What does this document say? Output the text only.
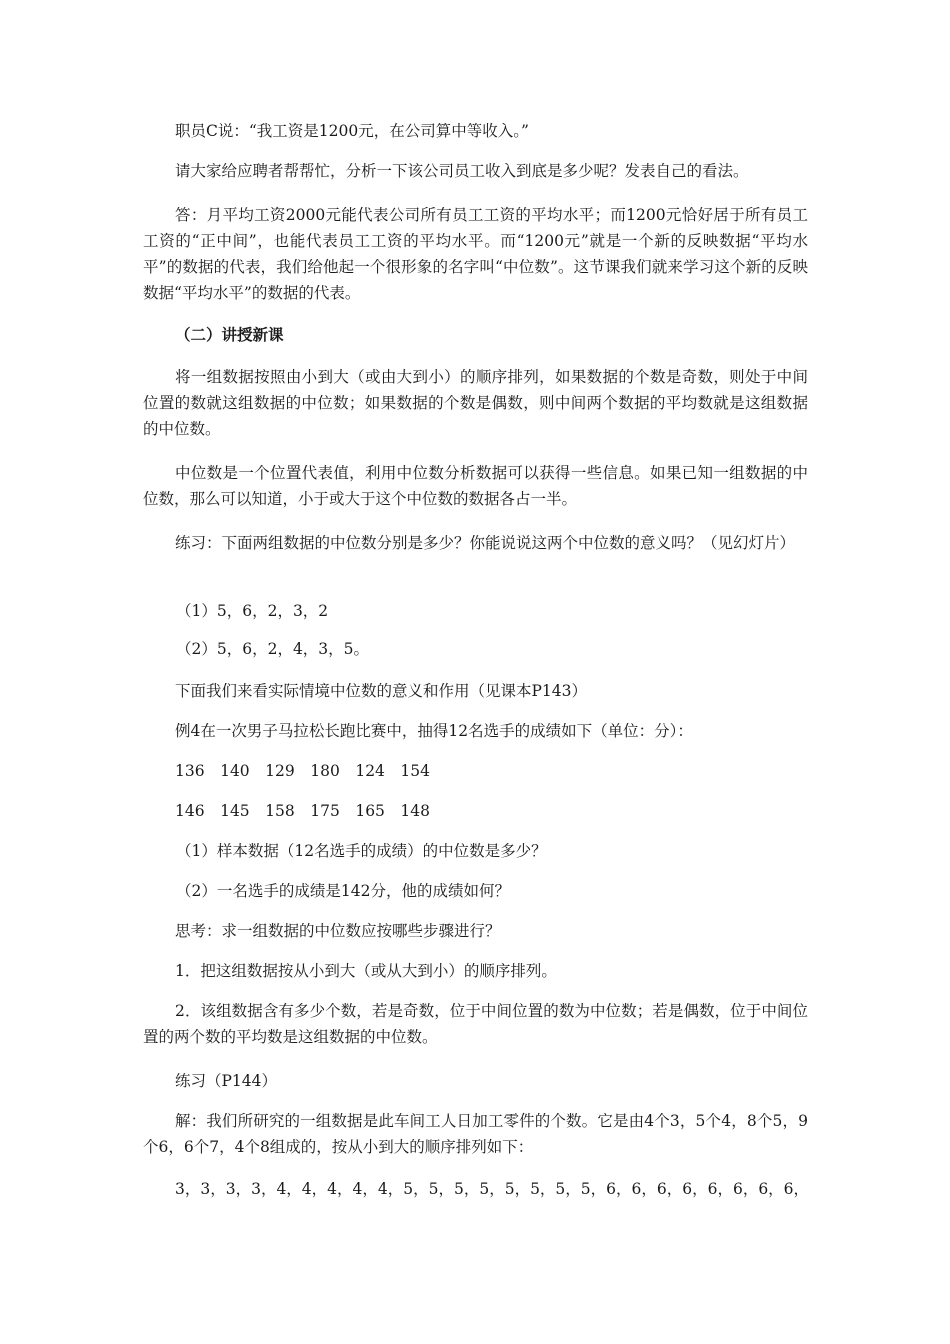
职员C说：“我工资是1200元，在公司算中等收入。”

请大家给应聘者帮帮忙，分析一下该公司员工收入到底是多少呢？发表自己的看法。

答：月平均工资2000元能代表公司所有员工工资的平均水平；而1200元恰好居于所有员工工资的“正中间”，也能代表员工工资的平均水平。而“1200元”就是一个新的反映数据“平均水平”的数据的代表，我们给他起一个很形象的名字叫“中位数”。这节课我们就来学习这个新的反映数据“平均水平”的数据的代表。

（二）讲授新课

将一组数据按照由小到大（或由大到小）的顺序排列，如果数据的个数是奇数，则处于中间位置的数就这组数据的中位数；如果数据的个数是偶数，则中间两个数据的平均数就是这组数据的中位数。

中位数是一个位置代表值，利用中位数分析数据可以获得一些信息。如果已知一组数据的中位数，那么可以知道，小于或大于这个中位数的数据各占一半。

练习：下面两组数据的中位数分别是多少？你能说说这两个中位数的意义吗？（见幻灯片）

（1）5，6，2，3，2

（2）5，6，2，4，3，5。

下面我们来看实际情境中位数的意义和作用（见课本P143）

例4在一次男子马拉松长跑比赛中，抽得12名选手的成绩如下（单位：分）：

136　140　129　180　124　154

146　145　158　175　165　148

（1）样本数据（12名选手的成绩）的中位数是多少？

（2）一名选手的成绩是142分，他的成绩如何？

思考：求一组数据的中位数应按哪些步骤进行？

1．把这组数据按从小到大（或从大到小）的顺序排列。

2．该组数据含有多少个数，若是奇数，位于中间位置的数为中位数；若是偶数，位于中间位置的两个数的平均数是这组数据的中位数。

练习（P144）

解：我们所研究的一组数据是此车间工人日加工零件的个数。它是由4个3，5个4，8个5，9个6，6个7，4个8组成的，按从小到大的顺序排列如下：

3，3，3，3，4，4，4，4，4，5，5，5，5，5，5，5，5，6，6，6，6，6，6，6，6，
